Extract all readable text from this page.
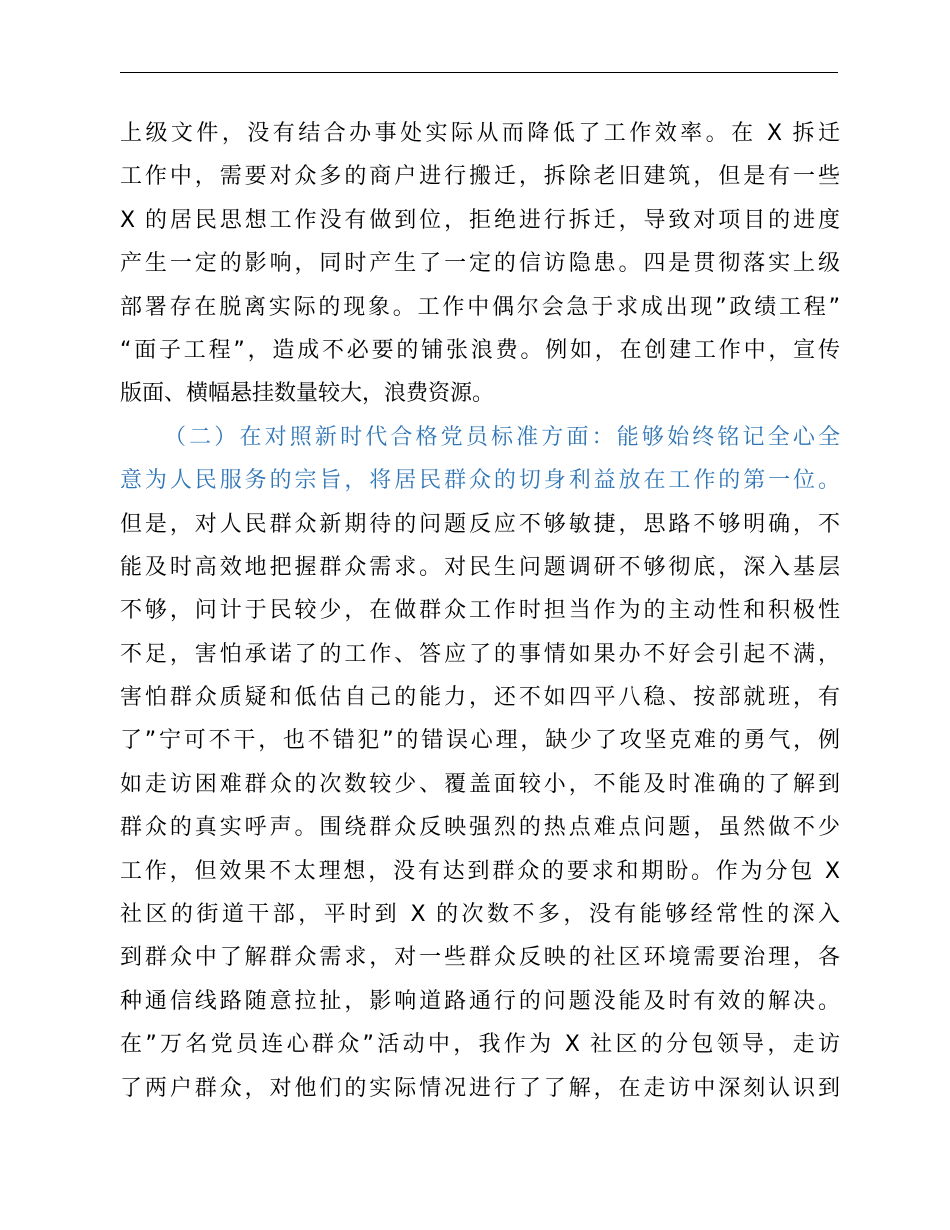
上级文件，没有结合办事处实际从而降低了工作效率。在 X 拆迁
工作中，需要对众多的商户进行搬迁，拆除老旧建筑，但是有一些
X 的居民思想工作没有做到位，拒绝进行拆迁，导致对项目的进度
产生一定的影响，同时产生了一定的信访隐患。四是贯彻落实上级
部署存在脱离实际的现象。工作中偶尔会急于求成出现”政绩工程”
“面子工程”，造成不必要的铺张浪费。例如，在创建工作中，宣传
版面、横幅悬挂数量较大，浪费资源。
（二）在对照新时代合格党员标准方面：能够始终铭记全心全
意为人民服务的宗旨，将居民群众的切身利益放在工作的第一位。
但是，对人民群众新期待的问题反应不够敏捷，思路不够明确，不
能及时高效地把握群众需求。对民生问题调研不够彻底，深入基层
不够，问计于民较少，在做群众工作时担当作为的主动性和积极性
不足，害怕承诺了的工作、答应了的事情如果办不好会引起不满，
害怕群众质疑和低估自己的能力，还不如四平八稳、按部就班，有
了”宁可不干，也不错犯”的错误心理，缺少了攻坚克难的勇气，例
如走访困难群众的次数较少、覆盖面较小，不能及时准确的了解到
群众的真实呼声。围绕群众反映强烈的热点难点问题，虽然做不少
工作，但效果不太理想，没有达到群众的要求和期盼。作为分包 X
社区的街道干部，平时到 X 的次数不多，没有能够经常性的深入
到群众中了解群众需求，对一些群众反映的社区环境需要治理，各
种通信线路随意拉扯，影响道路通行的问题没能及时有效的解决。
在”万名党员连心群众”活动中，我作为 X 社区的分包领导，走访
了两户群众，对他们的实际情况进行了了解，在走访中深刻认识到
